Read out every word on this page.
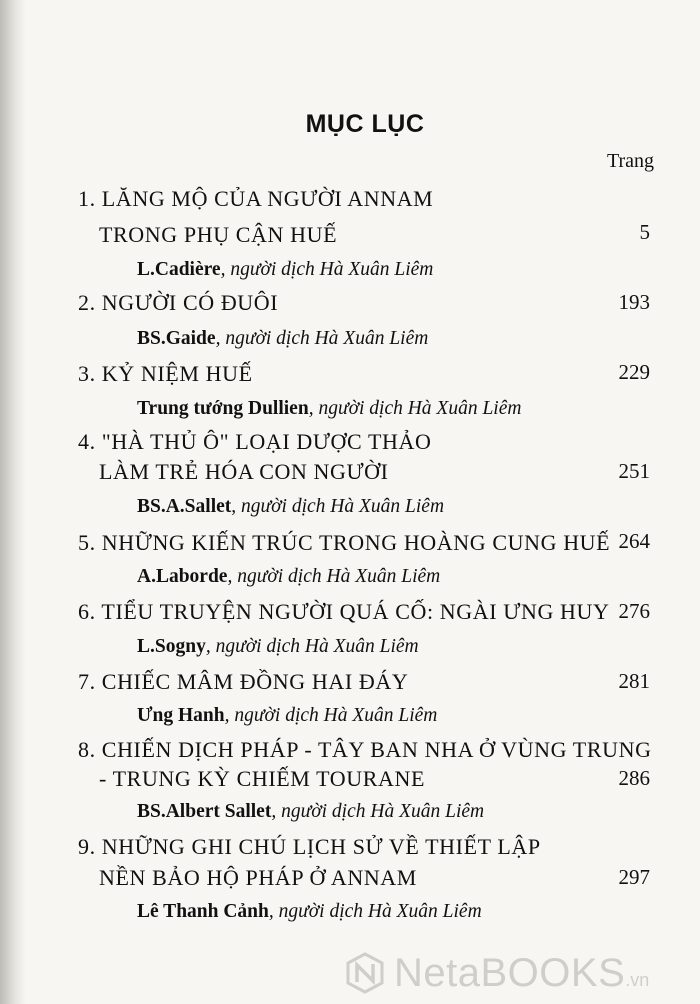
MỤC LỤC
Trang
1. LĂNG MỘ CỦA NGƯỜI ANNAM
TRONG PHỤ CẬN HUẾ	5
L.Cadière, người dịch Hà Xuân Liêm
2. NGƯỜI CÓ ĐUÔI	193
BS.Gaide, người dịch Hà Xuân Liêm
3. KỶ NIỆM HUẾ	229
Trung tướng Dullien, người dịch Hà Xuân Liêm
4. "HÀ THỦ Ô" LOẠI DƯỢC THẢO
LÀM TRẺ HÓA CON NGƯỜI	251
BS.A.Sallet, người dịch Hà Xuân Liêm
5. NHỮNG KIẾN TRÚC TRONG HOÀNG CUNG HUẾ 264
A.Laborde, người dịch Hà Xuân Liêm
6. TIỂU TRUYỆN NGƯỜI QUÁ CỐ: NGÀI ƯNG HUY 276
L.Sogny, người dịch Hà Xuân Liêm
7. CHIẾC MÂM ĐỒNG HAI ĐÁY	281
Ưng Hanh, người dịch Hà Xuân Liêm
8. CHIẾN DỊCH PHÁP - TÂY BAN NHA Ở VÙNG TRUNG
- TRUNG KỲ CHIẾM TOURANE	286
BS.Albert Sallet, người dịch Hà Xuân Liêm
9. NHỮNG GHI CHÚ LỊCH SỬ VỀ THIẾT LẬP
NỀN BẢO HỘ PHÁP Ở ANNAM	297
Lê Thanh Cảnh, người dịch Hà Xuân Liêm
NetaBOOKS .vn
